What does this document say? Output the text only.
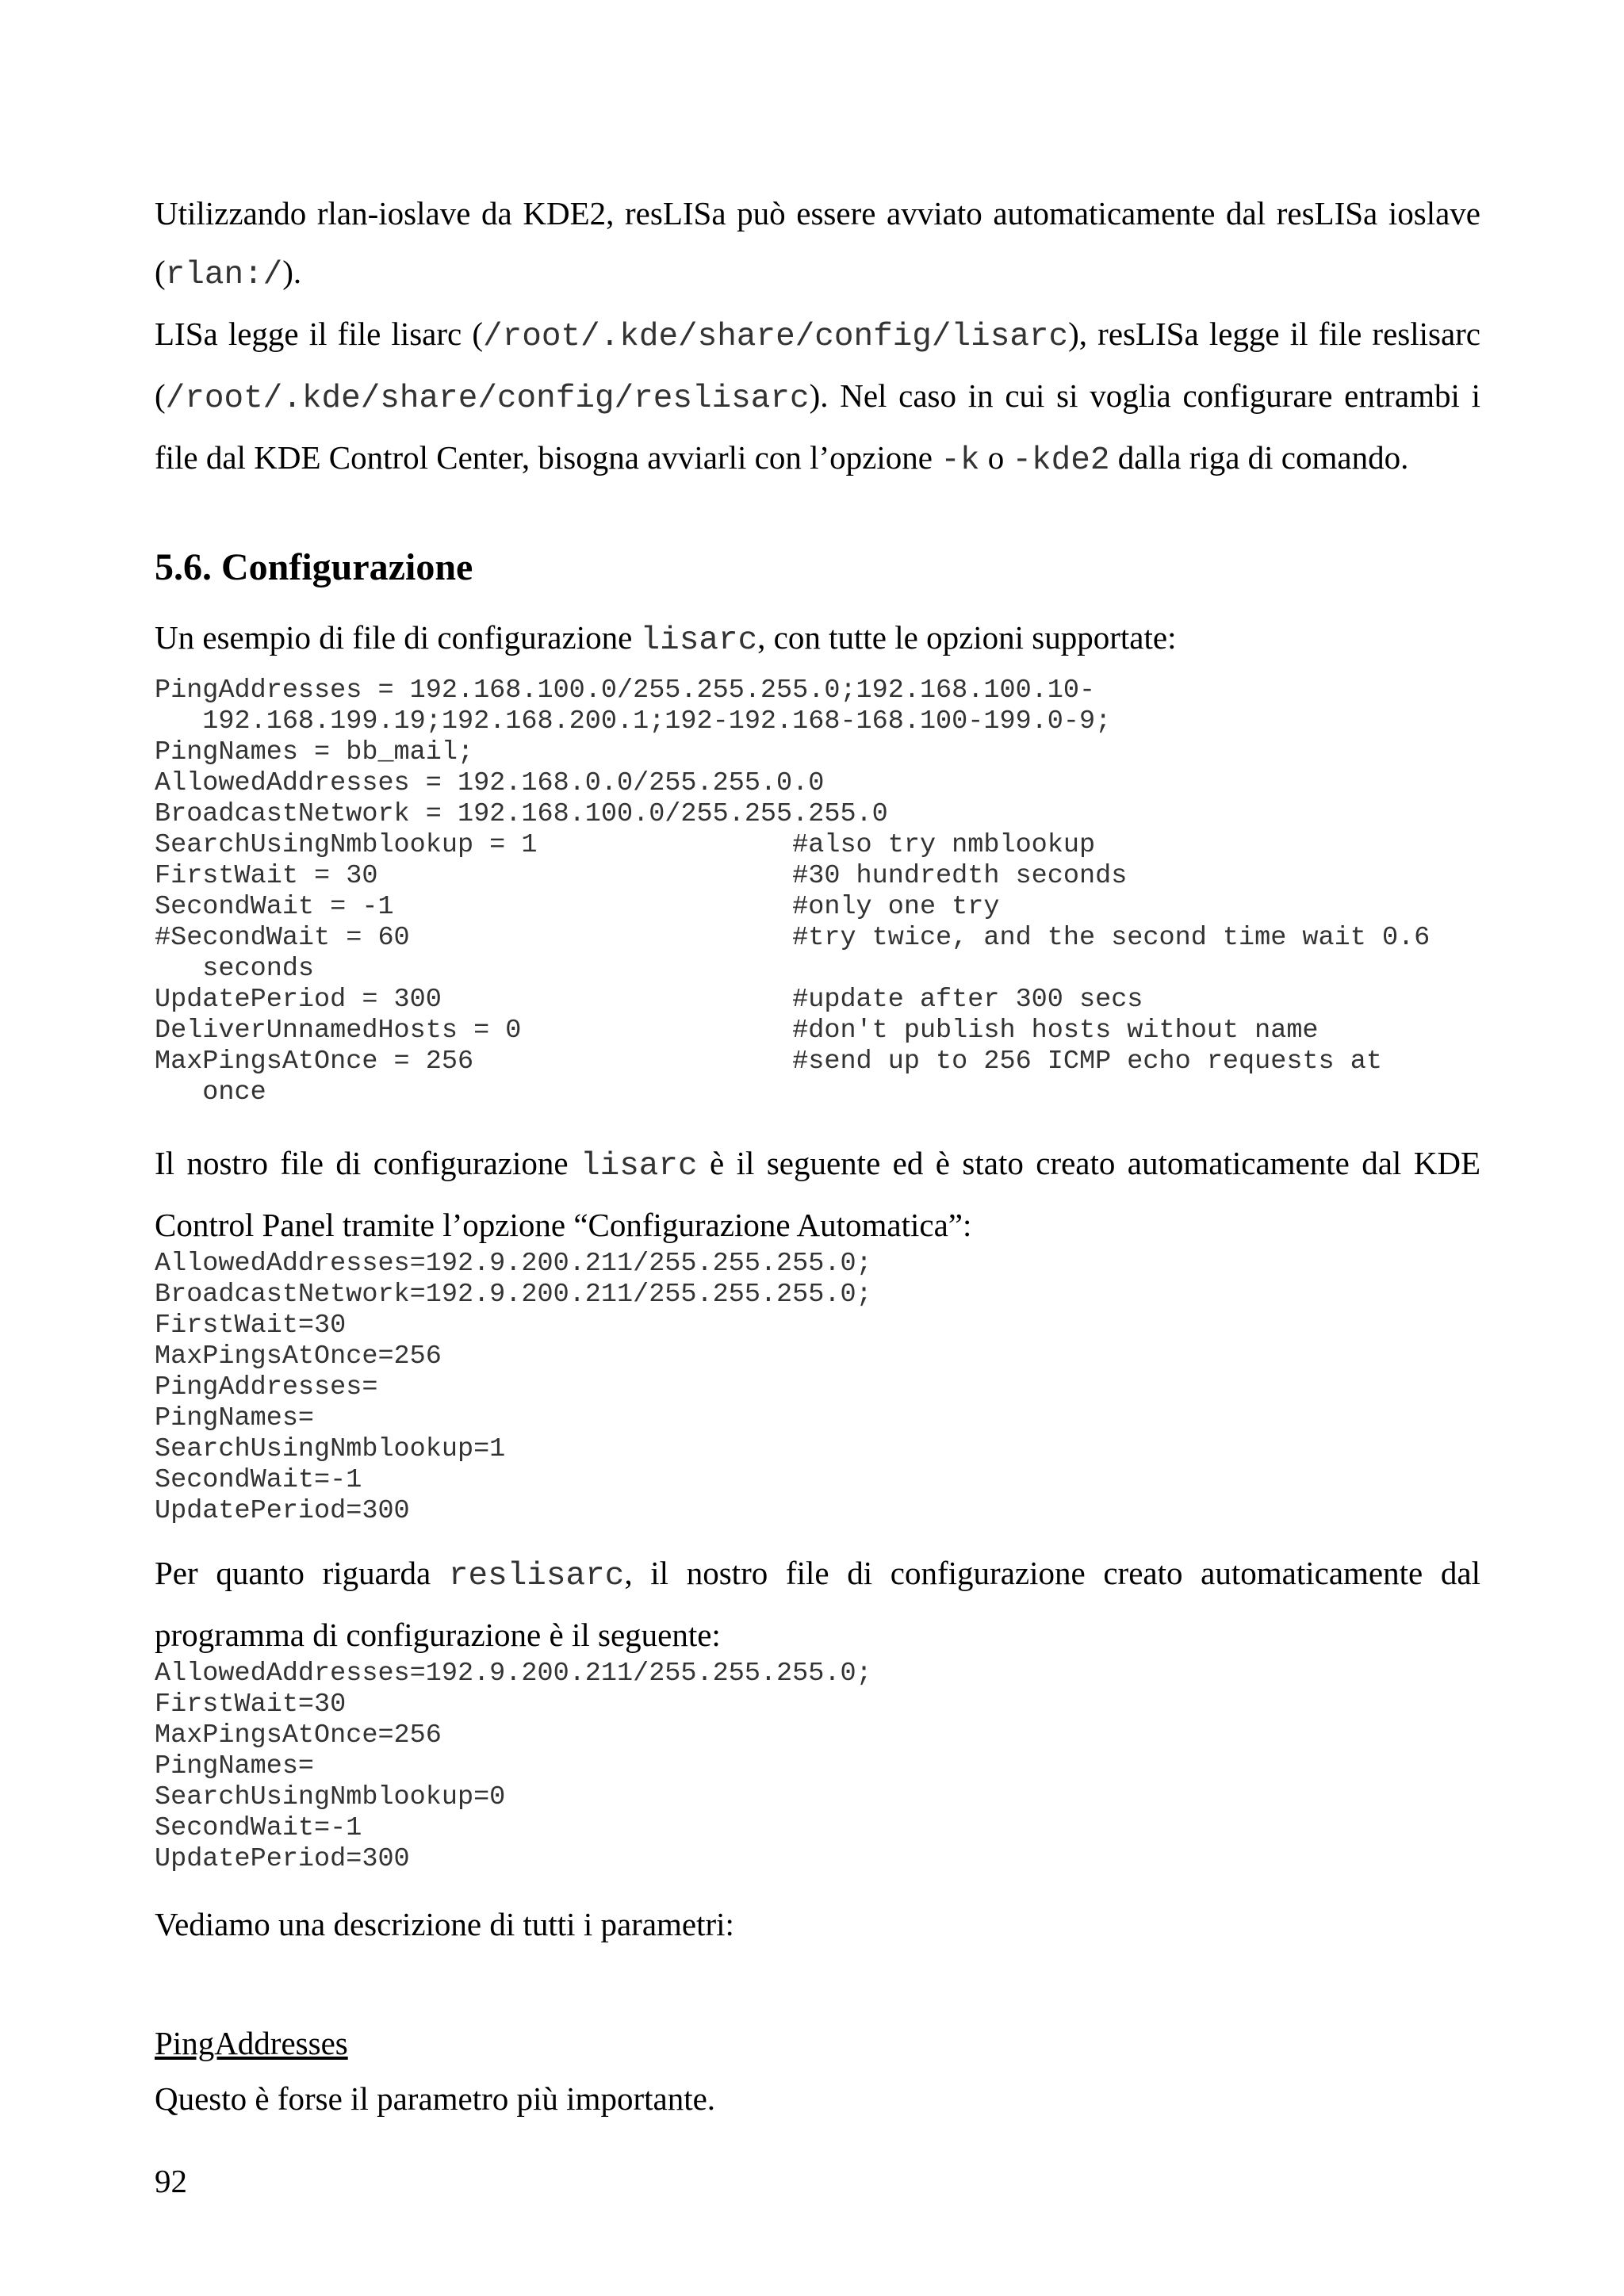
Utilizzando rlan-ioslave da KDE2, resLISa può essere avviato automaticamente dal resLISa ioslave

(rlan:/).

LISa legge il file lisarc (/root/.kde/share/config/lisarc), resLISa legge il file reslisarc

(/root/.kde/share/config/reslisarc). Nel caso in cui si voglia configurare entrambi i

file dal KDE Control Center, bisogna avviarli con l’opzione -k o -kde2 dalla riga di comando.

5.6. Configurazione

Un esempio di file di configurazione lisarc, con tutte le opzioni supportate:

PingAddresses = 192.168.100.0/255.255.255.0;192.168.100.10-
192.168.199.19;192.168.200.1;192-192.168-168.100-199.0-9;
PingNames = bb_mail;
AllowedAddresses = 192.168.0.0/255.255.0.0
BroadcastNetwork = 192.168.100.0/255.255.255.0
SearchUsingNmblookup = 1                #also try nmblookup
FirstWait = 30                          #30 hundredth seconds
SecondWait = -1                         #only one try
#SecondWait = 60                        #try twice, and the second time wait 0.6
seconds
UpdatePeriod = 300                      #update after 300 secs
DeliverUnnamedHosts = 0                 #don't publish hosts without name
MaxPingsAtOnce = 256                    #send up to 256 ICMP echo requests at
once

Il nostro file di configurazione lisarc è il seguente ed è stato creato automaticamente dal KDE

Control Panel tramite l’opzione “Configurazione Automatica”:

AllowedAddresses=192.9.200.211/255.255.255.0;
BroadcastNetwork=192.9.200.211/255.255.255.0;
FirstWait=30
MaxPingsAtOnce=256
PingAddresses=
PingNames=
SearchUsingNmblookup=1
SecondWait=-1
UpdatePeriod=300

Per quanto riguarda reslisarc, il nostro file di configurazione creato automaticamente dal

programma di configurazione è il seguente:

AllowedAddresses=192.9.200.211/255.255.255.0;
FirstWait=30
MaxPingsAtOnce=256
PingNames=
SearchUsingNmblookup=0
SecondWait=-1
UpdatePeriod=300

Vediamo una descrizione di tutti i parametri:

PingAddresses

Questo è forse il parametro più importante.

92
